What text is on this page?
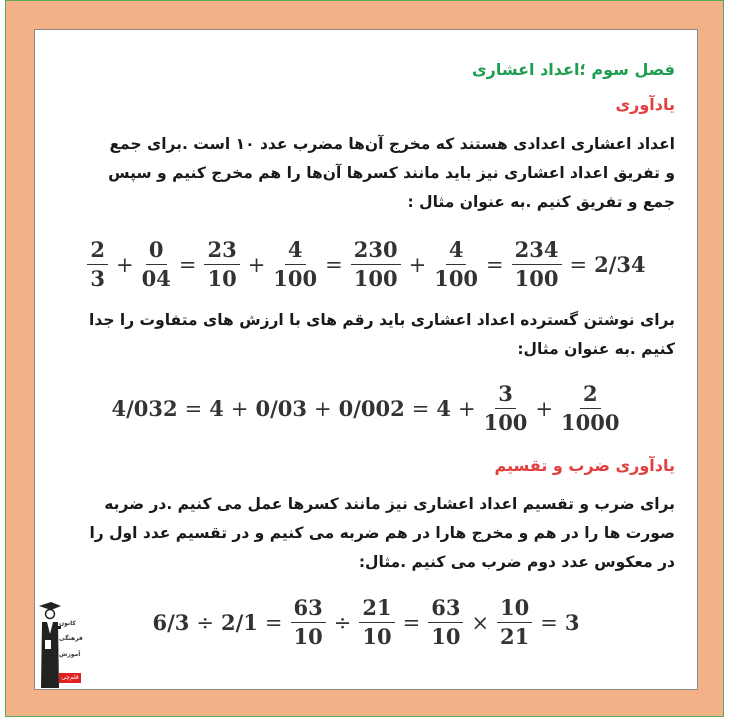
فصل سوم ؛اعداد اعشاری
یادآوری
اعداد اعشاری اعدادی هستند که مخرج آن‌ها مضرب عدد ۱۰ است .برای جمع
و تفریق اعداد اعشاری نیز باید مانند کسرها آن‌ها را هم مخرج کنیم و سپس
جمع و تفریق کنیم .به عنوان مثال :
$\frac{2}{3} + \frac{0}{04} = \frac{23}{10} + \frac{4}{100} = \frac{230}{100} + \frac{4}{100} = \frac{234}{100} = 2/34$
برای نوشتن گسترده اعداد اعشاری باید رقم های با ارزش های متفاوت را جدا
کنیم .به عنوان مثال:
$4/032 = 4 + 0/03 + 0/002 = 4 + \frac{3}{100} + \frac{2}{1000}$
یادآوری ضرب و تقسیم
برای ضرب و تقسیم اعداد اعشاری نیز مانند کسرها عمل می کنیم .در ضربه
صورت ها را در هم و مخرج هارا در هم ضربه می کنیم و در تقسیم عدد اول را
در معکوس عدد دوم ضرب می کنیم .مثال:
$6/3 \div 2/1 = \frac{63}{10} \div \frac{21}{10} = \frac{63}{10} \times \frac{10}{21} = 3$
کانون
فرهنگی
آموزش
قلم‌چی
